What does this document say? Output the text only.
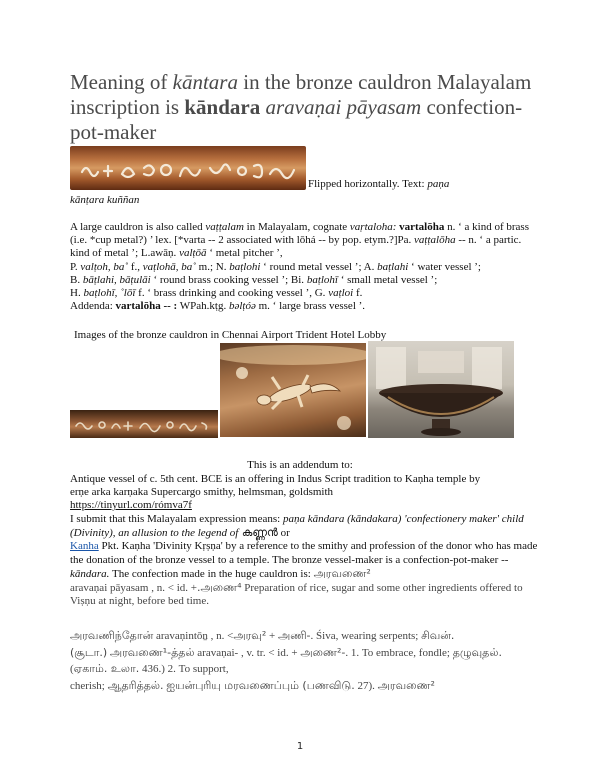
Meaning of kāntara in the bronze cauldron Malayalam inscription is kāndara aravaṇai pāyasam confection-pot-maker
Flipped horizontally. Text: paṇa
kānṭara kuññan

A large cauldron is also called vaṭṭalam in Malayalam, cognate vaṛtaloha: vartalōha n. ‘ a kind of brass (i.e. *cup metal?) ’ lex. [*varta -- 2 associated with lōhá -- by pop. etym.?]Pa. vaṭṭalōha -- n. ‘ a partic. kind of metal ’; L.awāṇ. valṭōā ‘ metal pitcher ’,
P. valṭoh, ba˚ f., vaṭlohā, ba˚ m.; N. baṭlohi ‘ round metal vessel ’; A. baṭlahi ‘ water vessel ’;
B. bāṭlahi, bāṭulāi ‘ round brass cooking vessel ’; Bi. baṭlohī ‘ small metal vessel ’;
H. baṭlohī, ˚lōī f. ‘ brass drinking and cooking vessel ’, G. vaṭloi f.
Addenda: vartalōha -- : WPah.kṭg. bəlṭóə m. ‘ large brass vessel ’.

Images of the bronze cauldron in Chennai Airport Trident Hotel Lobby
This is an addendum to:

Antique vessel of c. 5th cent. BCE is an offering in Indus Script tradition to Kaṇha temple by
erṇe arka karṇaka Supercargo smithy, helmsman, goldsmith
https://tinyurl.com/rómva7f

I submit that this Malayalam expression means: paṇa kāndara (kāndakara) 'confectionery maker' child (Divinity), an allusion to the legend of കണ്ണൻ or
Kanha Pkt. Kaṇha 'Divinity Kṛṣṇa' by a reference to the smithy and profession of the donor who has made the donation of the bronze vessel to a temple. The bronze vessel-maker is a confection-pot-maker -- kāndara. The confection made in the huge cauldron is: அரவணை²
aravaṇai pāyasam , n. < id. +.அணை⁴ Preparation of rice, sugar and some other ingredients offered to Viṣṇu at night, before bed time.

அரவணிந்தோன் aravaṇintōṉ , n. <அரவு² + அணி-. Śiva, wearing serpents; சிவன்.
(சூடா.) அரவணை¹-த்தல் aravaṇai- , v. tr. < id. + அணை²-. 1. To embrace, fondle; தழுவுதல். (ஏகாம். உலா. 436.) 2. To support,
cherish; ஆதரித்தல். ஐயன்புரியு மரவணைப்பும் (பணவிடு. 27). அரவணை²

1
